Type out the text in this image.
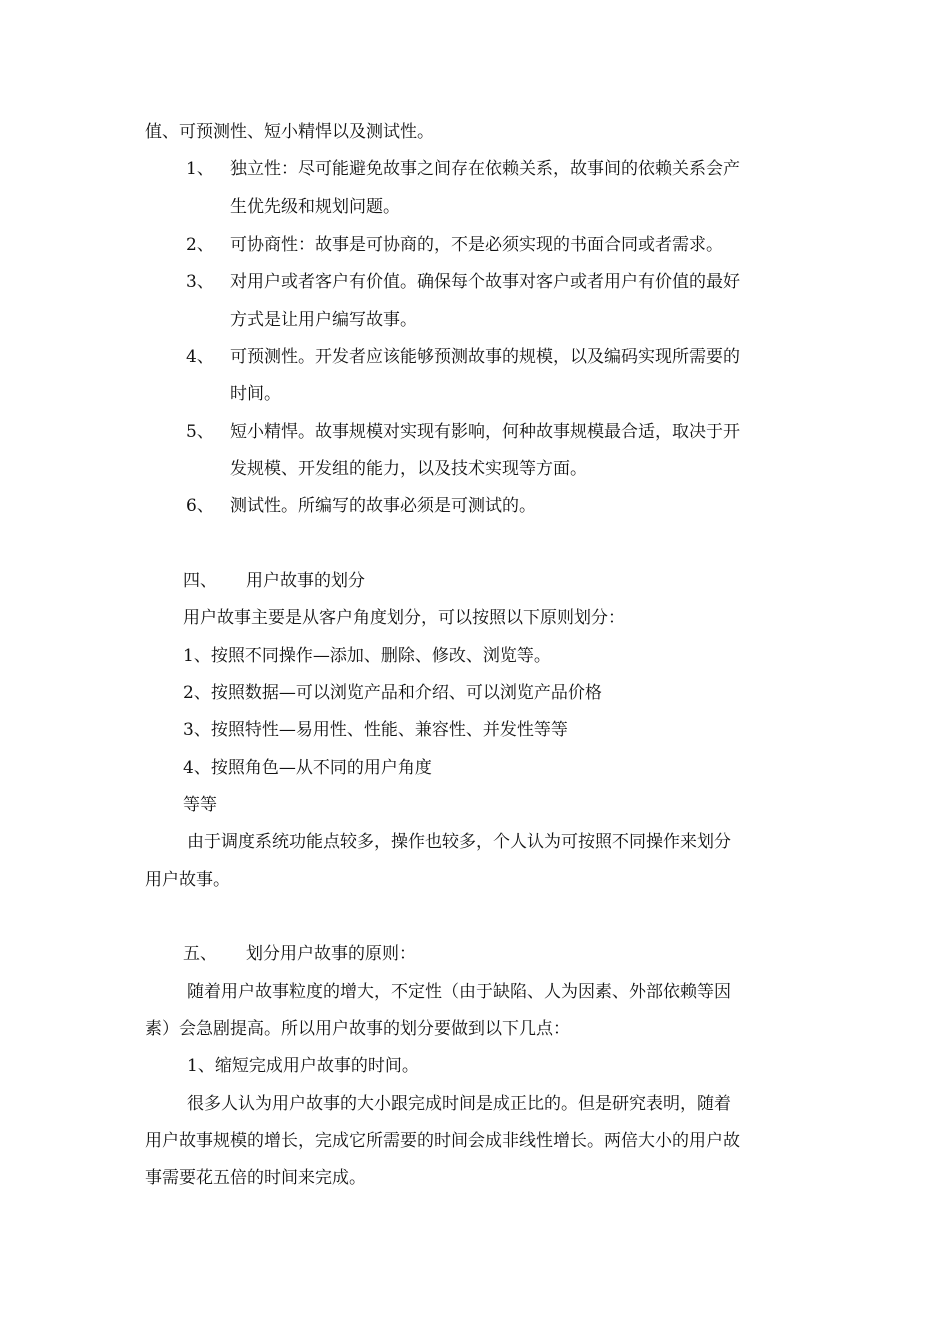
值、可预测性、短小精悍以及测试性。
1、 独立性：尽可能避免故事之间存在依赖关系，故事间的依赖关系会产
生优先级和规划问题。
2、 可协商性：故事是可协商的，不是必须实现的书面合同或者需求。
3、 对用户或者客户有价值。确保每个故事对客户或者用户有价值的最好
方式是让用户编写故事。
4、 可预测性。开发者应该能够预测故事的规模，以及编码实现所需要的
时间。
5、 短小精悍。故事规模对实现有影响，何种故事规模最合适，取决于开
发规模、开发组的能力，以及技术实现等方面。
6、 测试性。所编写的故事必须是可测试的。
四、 用户故事的划分
用户故事主要是从客户角度划分，可以按照以下原则划分：
1、按照不同操作—添加、删除、修改、浏览等。
2、按照数据—可以浏览产品和介绍、可以浏览产品价格
3、按照特性—易用性、性能、兼容性、并发性等等
4、按照角色—从不同的用户角度
等等
由于调度系统功能点较多，操作也较多，个人认为可按照不同操作来划分
用户故事。
五、 划分用户故事的原则：
随着用户故事粒度的增大，不定性（由于缺陷、人为因素、外部依赖等因
素）会急剧提高。所以用户故事的划分要做到以下几点：
1、缩短完成用户故事的时间。
很多人认为用户故事的大小跟完成时间是成正比的。但是研究表明，随着
用户故事规模的增长，完成它所需要的时间会成非线性增长。两倍大小的用户故
事需要花五倍的时间来完成。
